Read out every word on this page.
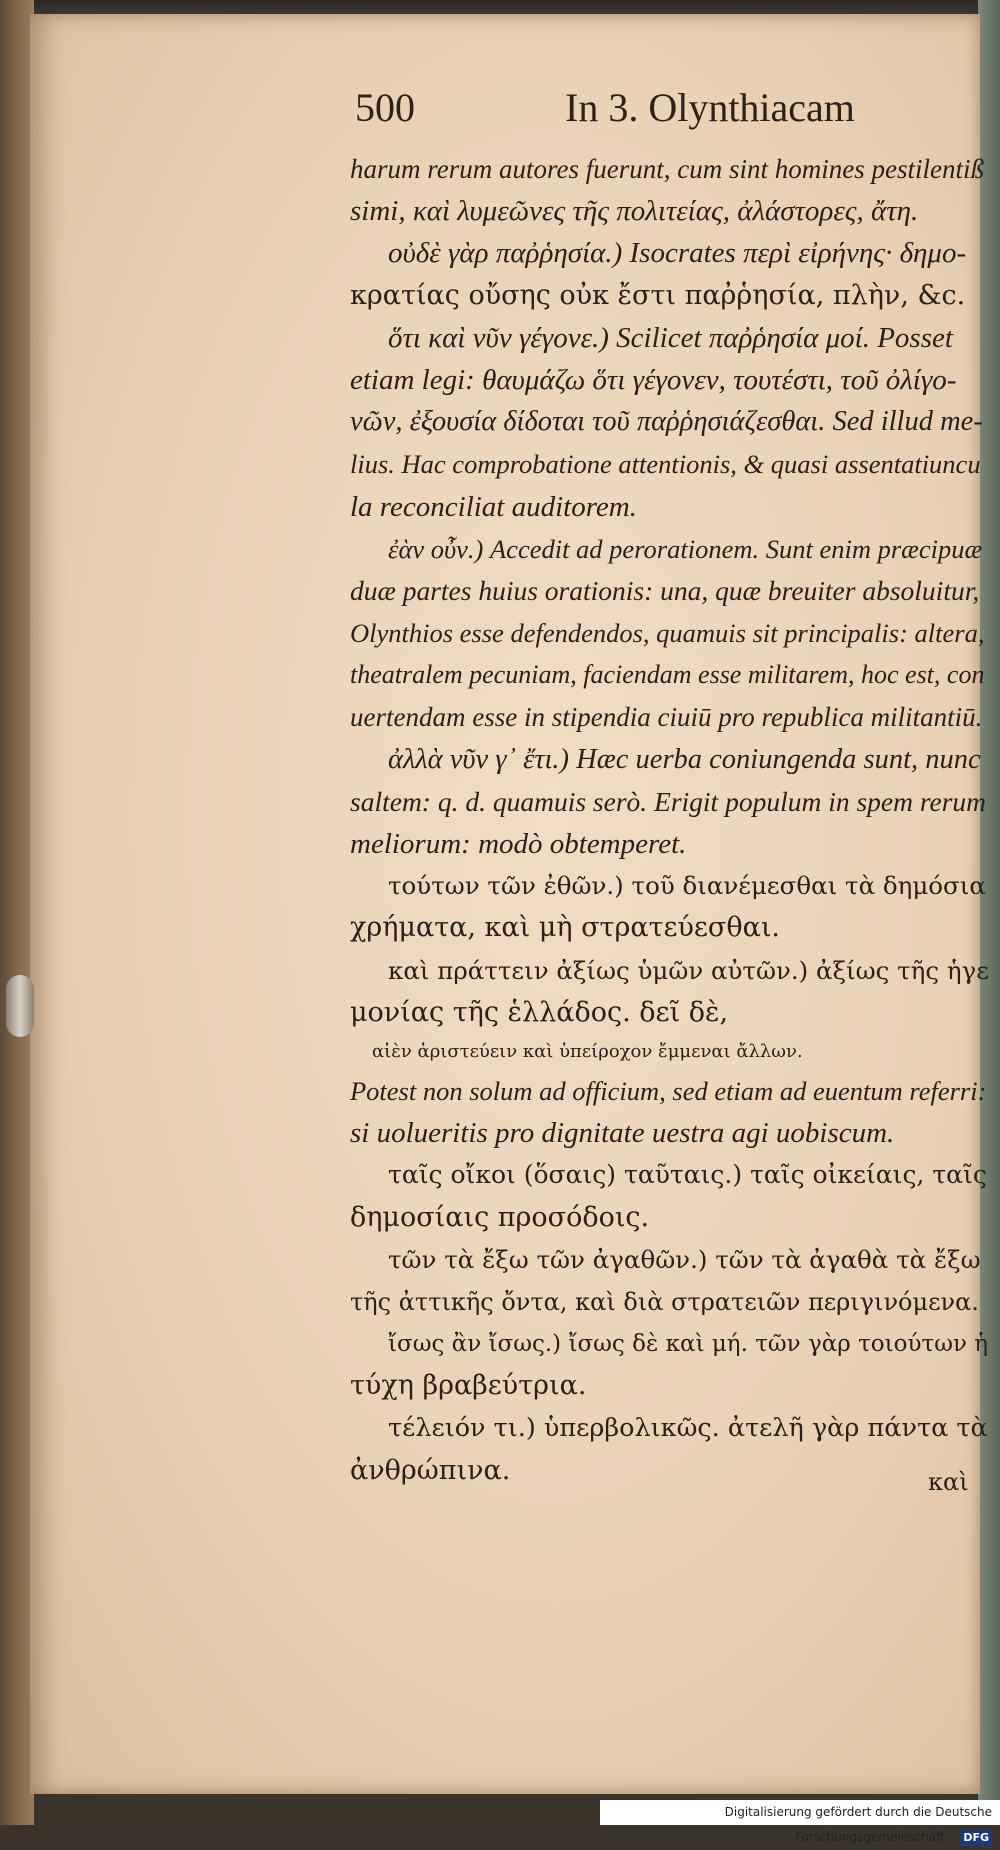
500	In 3. Olynthiacam
harum rerum autores fuerunt, cum sint homines pestilentiß
simi, καὶ λυμεῶνες τῆς πολιτείας, ἀλάστορες, ἄτη.
οὐδὲ γὰρ παῤῥησία.) Isocrates περὶ εἰρήνης· δημο-
κρατίας οὔσης οὐκ ἔστι παῤῥησία, πλὴν, &c.
ὅτι καὶ νῦν γέγονε.) Scilicet παῤῥησία μοί. Posset
etiam legi: θαυμάζω ὅτι γέγονεν, τουτέστι, τοῦ ὀλίγο-
νῶν, ἐξουσία δίδοται τοῦ παῤῥησιάζεσθαι. Sed illud me-
lius. Hac comprobatione attentionis, & quasi assentatiuncu
la reconciliat auditorem.
ἐὰν οὖν.) Accedit ad perorationem. Sunt enim præcipuæ
duæ partes huius orationis: una, quæ breuiter absoluitur,
Olynthios esse defendendos, quamuis sit principalis: altera,
theatralem pecuniam, faciendam esse militarem, hoc est, con
uertendam esse in stipendia ciuiū pro republica militantiū.
ἀλλὰ νῦν γ᾽ ἔτι.) Hæc uerba coniungenda sunt, nunc
saltem: q. d. quamuis serò. Erigit populum in spem rerum
meliorum: modò obtemperet.
τούτων τῶν ἐθῶν.) τοῦ διανέμεσθαι τὰ δημόσια
χρήματα, καὶ μὴ στρατεύεσθαι.
καὶ πράττειν ἀξίως ὑμῶν αὐτῶν.) ἀξίως τῆς ἡγε
μονίας τῆς ἑλλάδος. δεῖ δὲ,
αἰὲν ἀριστεύειν καὶ ὑπείροχον ἔμμεναι ἄλλων.
Potest non solum ad officium, sed etiam ad euentum referri:
si uolueritis pro dignitate uestra agi uobiscum.
ταῖς οἴκοι (ὅσαις) ταῦταις.) ταῖς οἰκείαις, ταῖς
δημοσίαις προσόδοις.
τῶν τὰ ἔξω τῶν ἀγαθῶν.) τῶν τὰ ἀγαθὰ τὰ ἔξω
τῆς ἀττικῆς ὄντα, καὶ διὰ στρατειῶν περιγινόμενα.
ἴσως ἂν ἴσως.) ἴσως δὲ καὶ μή. τῶν γὰρ τοιούτων ἡ
τύχη βραβεύτρια.
τέλειόν τι.) ὑπερβολικῶς. ἀτελῆ γὰρ πάντα τὰ
ἀνθρώπινα.	καὶ
Digitalisierung gefördert durch die Deutsche Forschungsgemeinschaft · DFG
